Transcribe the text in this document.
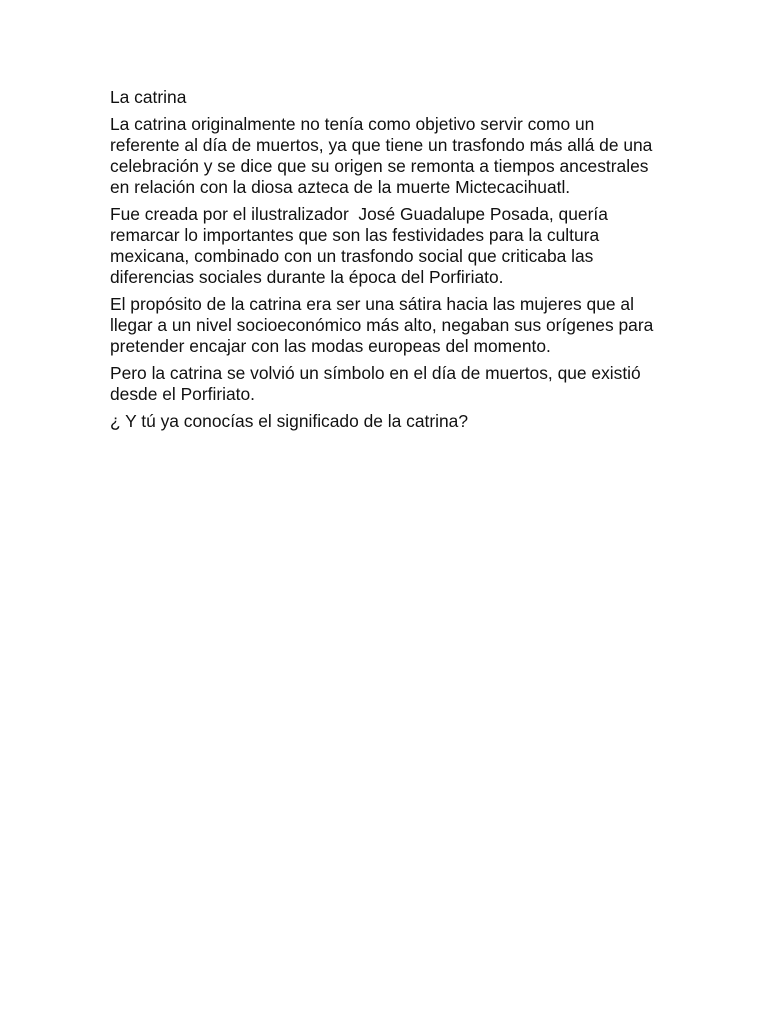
La catrina

La catrina originalmente no tenía como objetivo servir como un referente al día de muertos, ya que tiene un trasfondo más allá de una celebración y se dice que su origen se remonta a tiempos ancestrales en relación con la diosa azteca de la muerte Mictecacihuatl.

Fue creada por el ilustralizador  José Guadalupe Posada, quería remarcar lo importantes que son las festividades para la cultura mexicana, combinado con un trasfondo social que criticaba las diferencias sociales durante la época del Porfiriato.

El propósito de la catrina era ser una sátira hacia las mujeres que al llegar a un nivel socioeconómico más alto, negaban sus orígenes para pretender encajar con las modas europeas del momento.

Pero la catrina se volvió un símbolo en el día de muertos, que existió desde el Porfiriato.

¿ Y tú ya conocías el significado de la catrina?
